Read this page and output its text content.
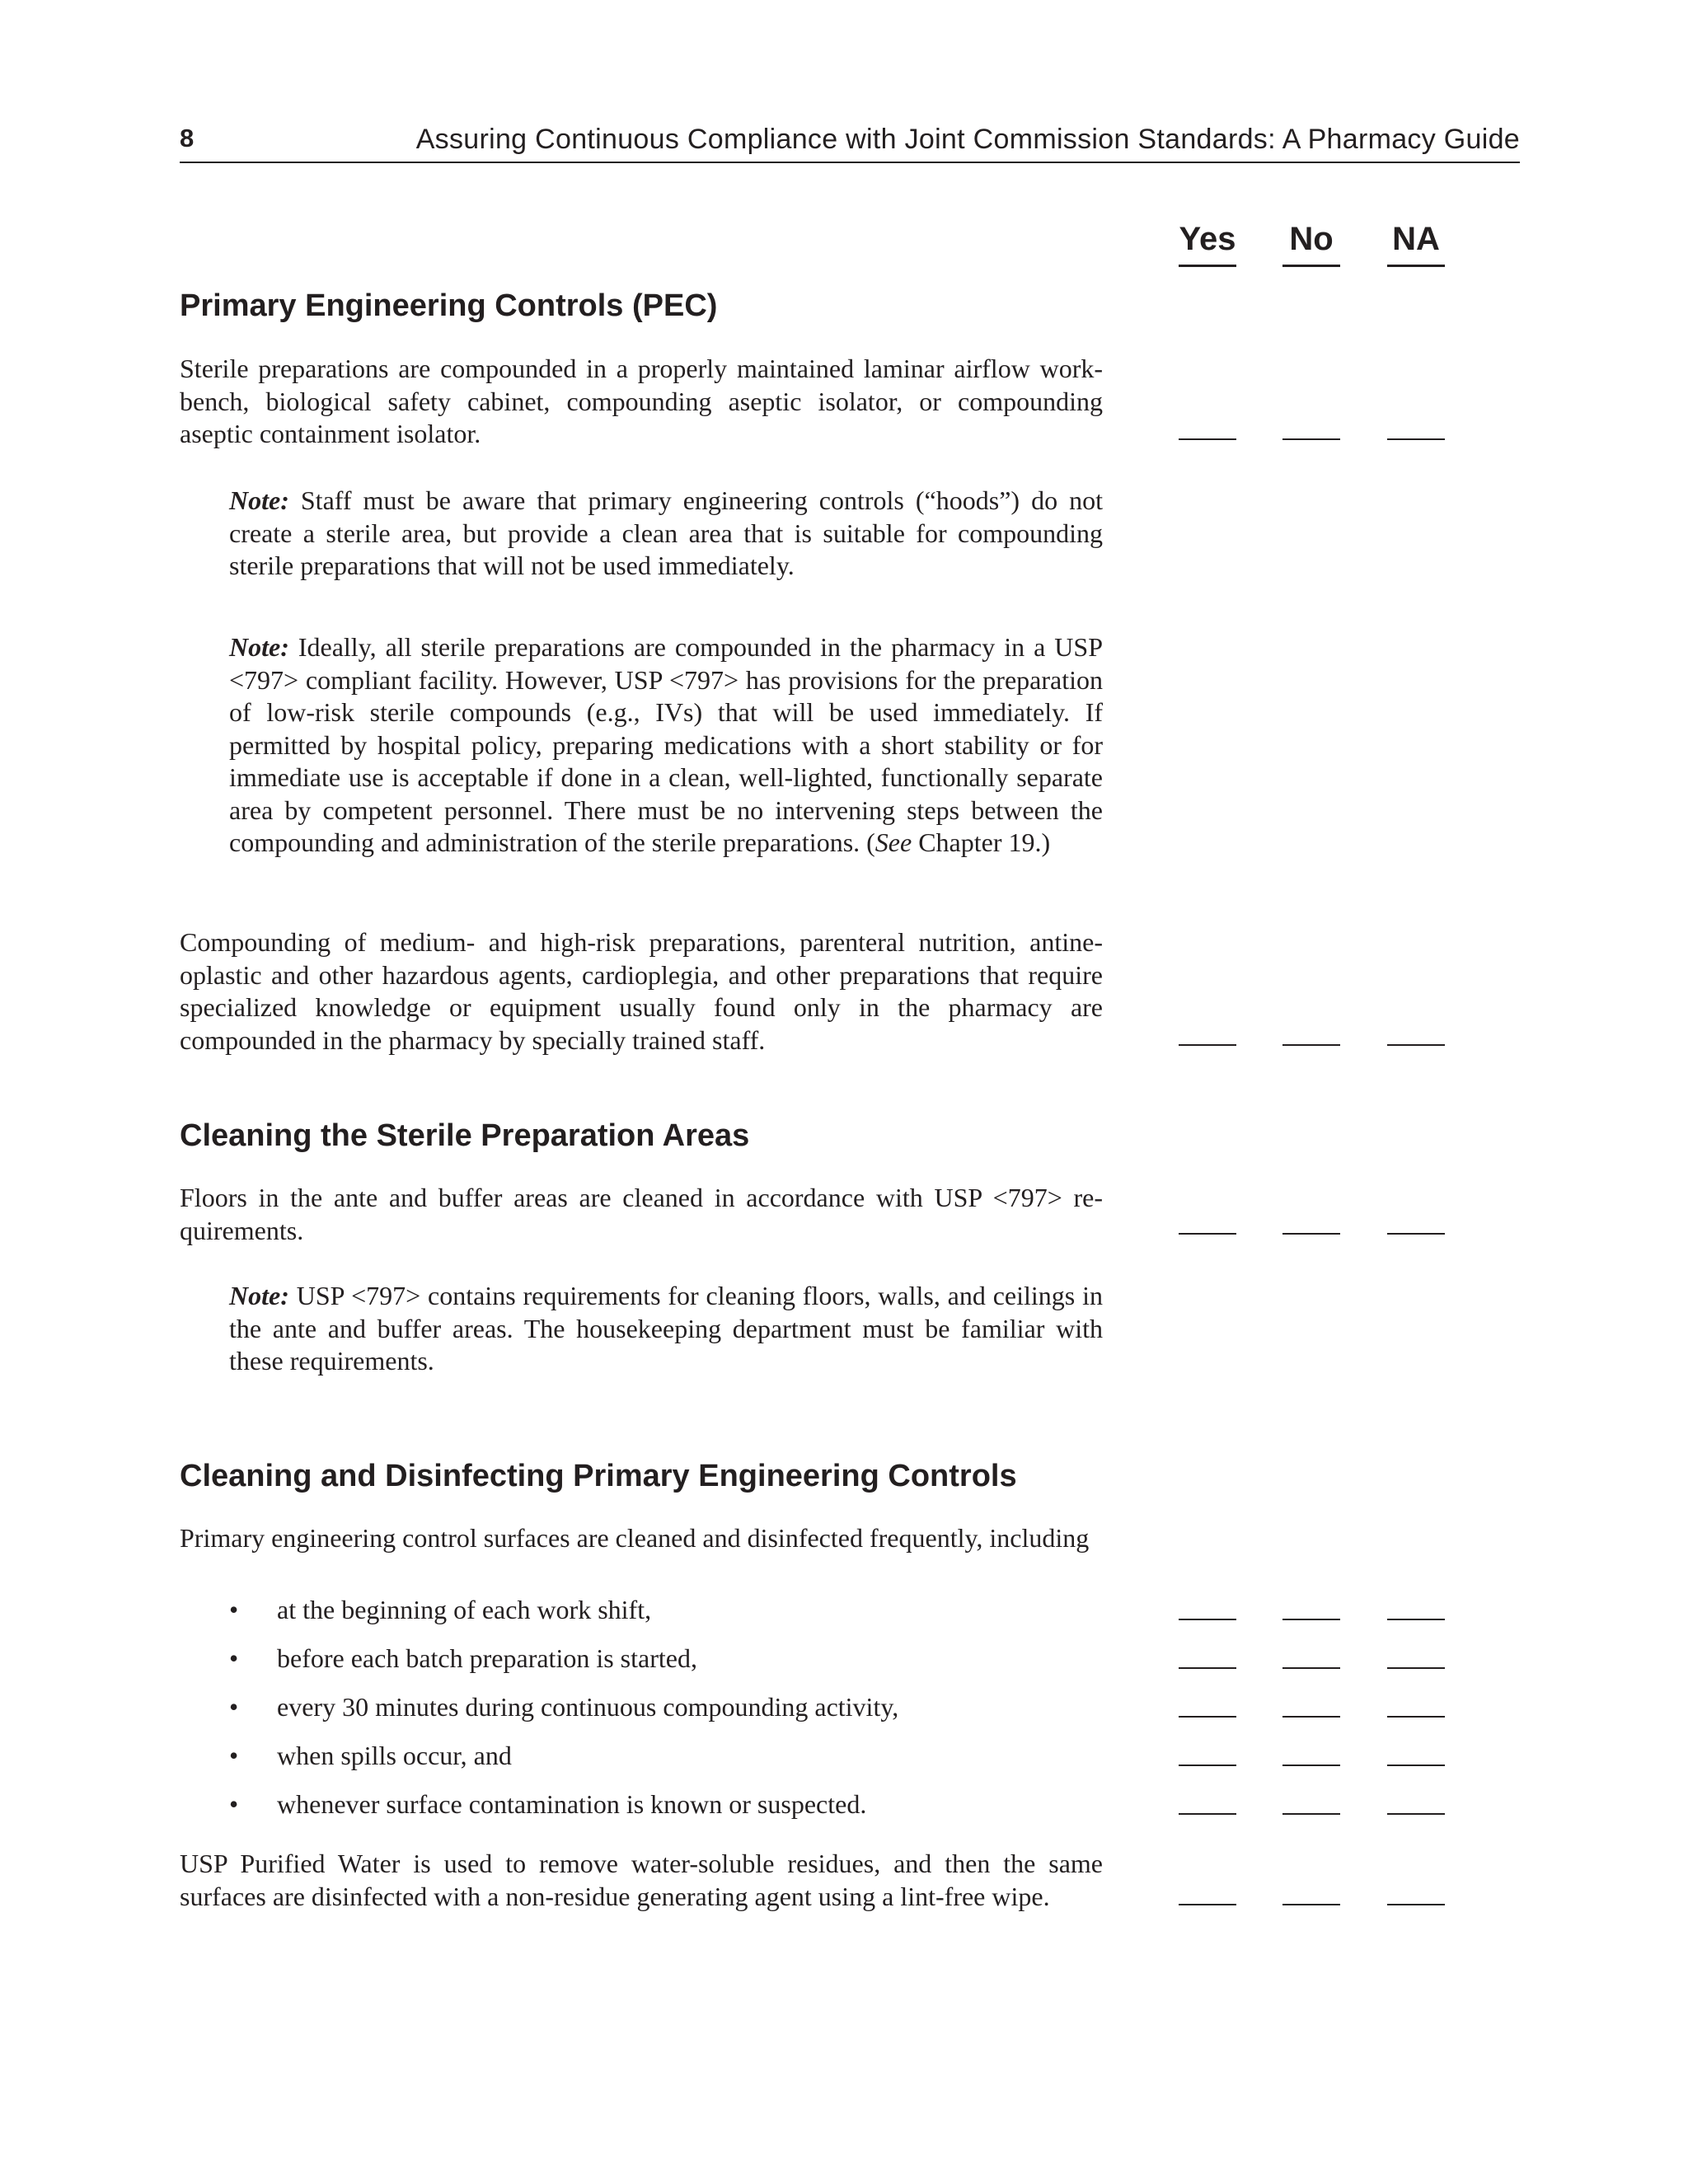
8	Assuring Continuous Compliance with Joint Commission Standards: A Pharmacy Guide
Yes No NA
Primary Engineering Controls (PEC)

Sterile preparations are compounded in a properly maintained laminar airflow workbench, biological safety cabinet, compounding aseptic isolator, or compounding aseptic containment isolator.

Note: Staff must be aware that primary engineering controls (“hoods”) do not create a sterile area, but provide a clean area that is suitable for compounding sterile preparations that will not be used immediately.

Note: Ideally, all sterile preparations are compounded in the pharmacy in a USP <797> compliant facility. However, USP <797> has provisions for the preparation of low-risk sterile compounds (e.g., IVs) that will be used immediately. If permitted by hospital policy, preparing medications with a short stability or for immediate use is acceptable if done in a clean, well-lighted, functionally separate area by competent personnel. There must be no intervening steps between the compounding and administration of the sterile preparations. (See Chapter 19.)

Compounding of medium- and high-risk preparations, parenteral nutrition, antineoplastic and other hazardous agents, cardioplegia, and other preparations that require specialized knowledge or equipment usually found only in the pharmacy are compounded in the pharmacy by specially trained staff.

Cleaning the Sterile Preparation Areas

Floors in the ante and buffer areas are cleaned in accordance with USP <797> requirements.

Note: USP <797> contains requirements for cleaning floors, walls, and ceilings in the ante and buffer areas. The housekeeping department must be familiar with these requirements.

Cleaning and Disinfecting Primary Engineering Controls

Primary engineering control surfaces are cleaned and disinfected frequently, including

• at the beginning of each work shift,
• before each batch preparation is started,
• every 30 minutes during continuous compounding activity,
• when spills occur, and
• whenever surface contamination is known or suspected.

USP Purified Water is used to remove water-soluble residues, and then the same surfaces are disinfected with a non-residue generating agent using a lint-free wipe.
